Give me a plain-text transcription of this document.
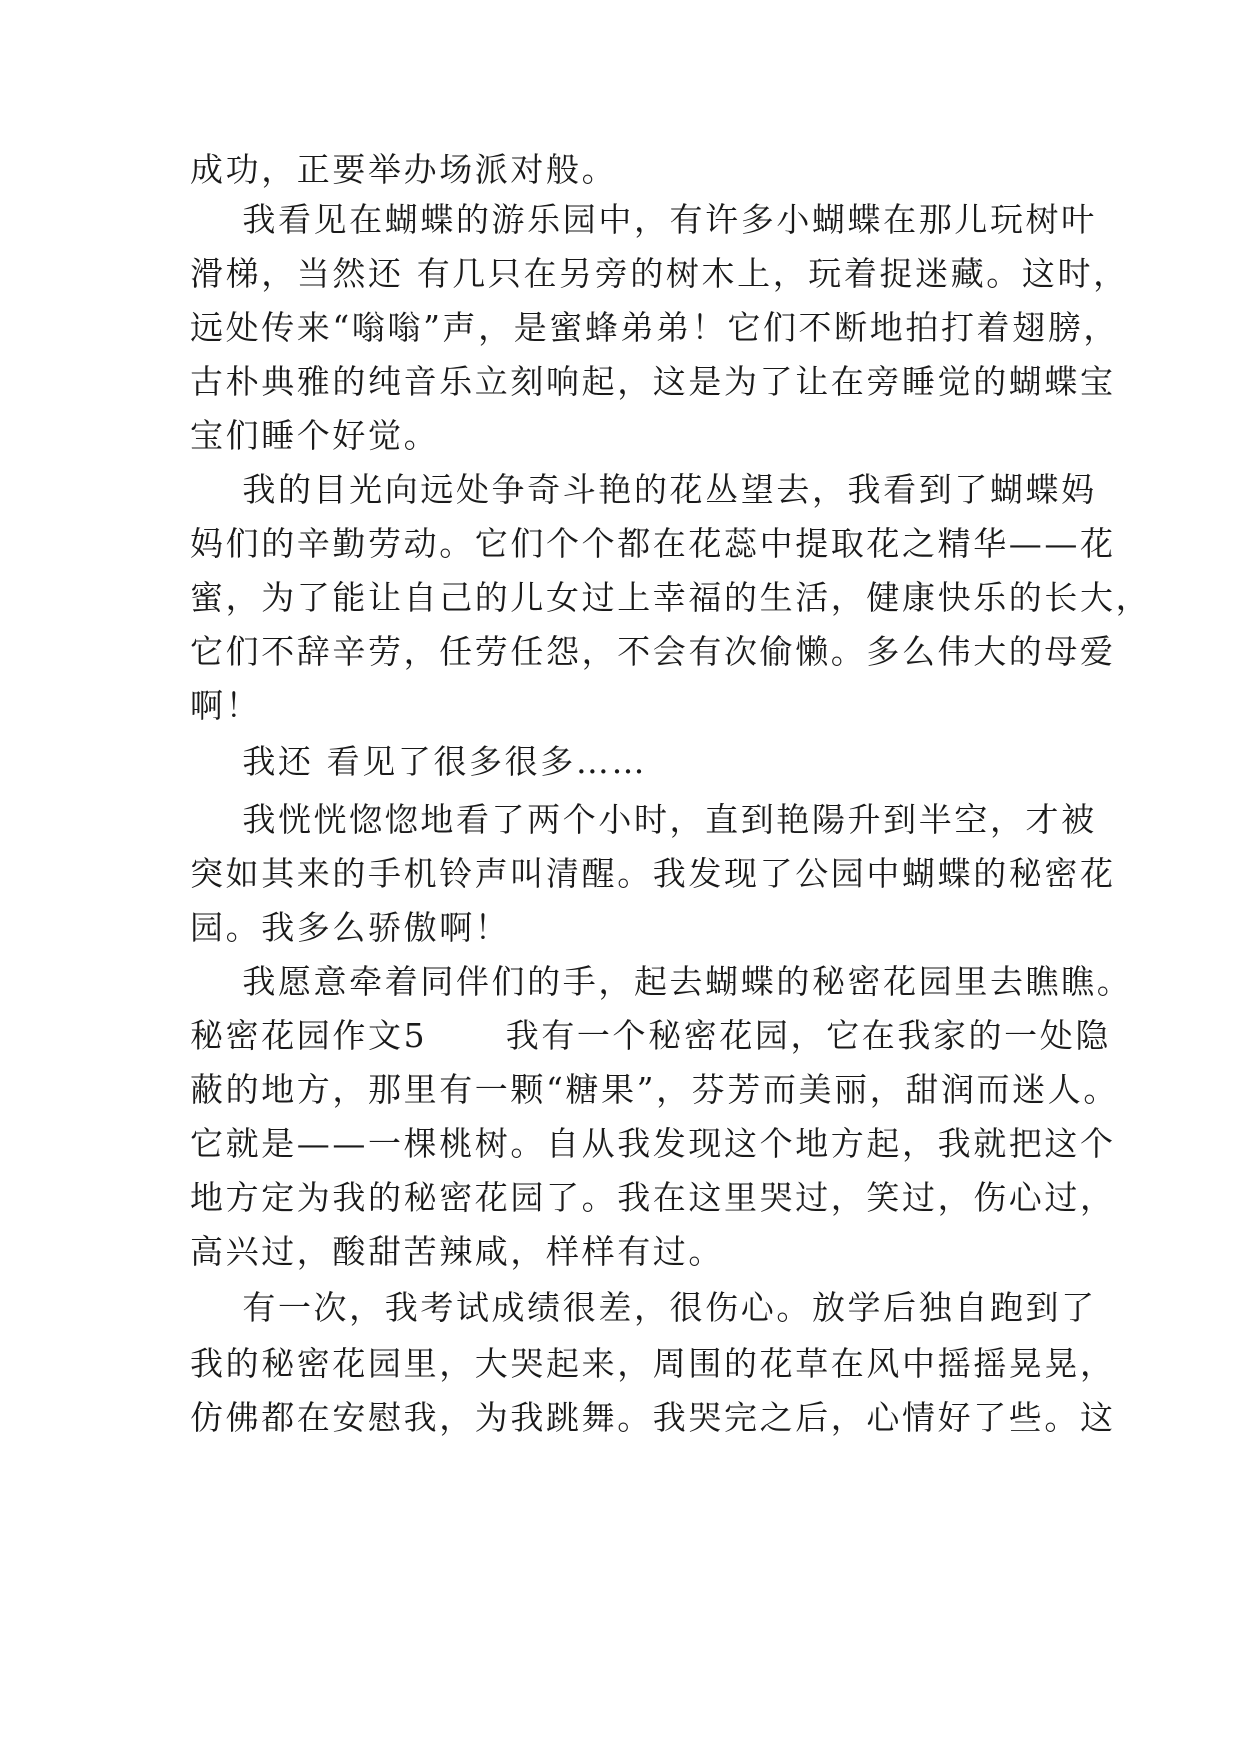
成功，正要举办场派对般。
我看见在蝴蝶的游乐园中，有许多小蝴蝶在那儿玩树叶
滑梯，当然还 有几只在另旁的树木上，玩着捉迷藏。这时，
远处传来“嗡嗡”声，是蜜蜂弟弟！它们不断地拍打着翅膀，
古朴典雅的纯音乐立刻响起，这是为了让在旁睡觉的蝴蝶宝
宝们睡个好觉。
我的目光向远处争奇斗艳的花丛望去，我看到了蝴蝶妈
妈们的辛勤劳动。它们个个都在花蕊中提取花之精华——花
蜜，为了能让自己的儿女过上幸福的生活，健康快乐的长大，
它们不辞辛劳，任劳任怨，不会有次偷懒。多么伟大的母爱
啊！
我还 看见了很多很多……
我恍恍惚惚地看了两个小时，直到艳陽升到半空，才被
突如其来的手机铃声叫清醒。我发现了公园中蝴蝶的秘密花
园。我多么骄傲啊！
我愿意牵着同伴们的手，起去蝴蝶的秘密花园里去瞧瞧。
秘密花园作文5      我有一个秘密花园，它在我家的一处隐
蔽的地方，那里有一颗“糖果”，芬芳而美丽，甜润而迷人。
它就是——一棵桃树。自从我发现这个地方起，我就把这个
地方定为我的秘密花园了。我在这里哭过，笑过，伤心过，
高兴过，酸甜苦辣咸，样样有过。
有一次，我考试成绩很差，很伤心。放学后独自跑到了
我的秘密花园里，大哭起来，周围的花草在风中摇摇晃晃，
仿佛都在安慰我，为我跳舞。我哭完之后，心情好了些。这
